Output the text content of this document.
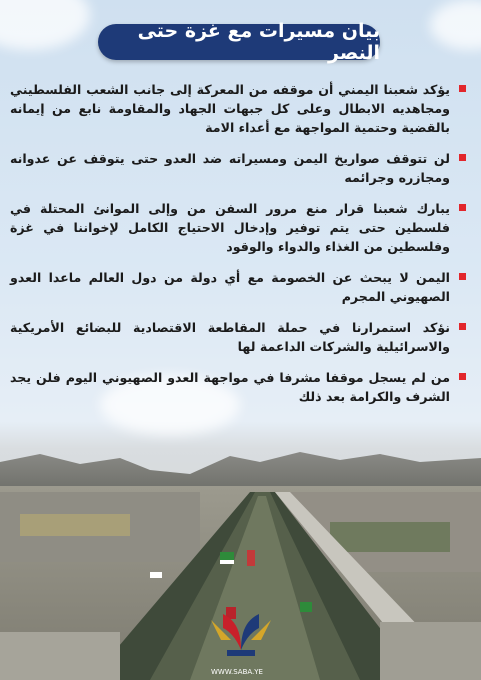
بيان مسيرات مع غزة حتى النصر
يؤكد شعبنا اليمني أن موقفه من المعركة إلى جانب الشعب الفلسطيني ومجاهديه الابطال وعلى كل جبهات الجهاد والمقاومة نابع من إيمانه بالقضية وحتمية المواجهة مع أعداء الامة
لن تتوقف صواريخ اليمن ومسيراته ضد العدو حتى يتوقف عن عدوانه ومجازره وجرائمه
يبارك شعبنا قرار منع مرور السفن من وإلى الموانئ المحتلة في فلسطين حتى يتم توفير وإدخال الاحتياج الكامل لإخواننا في غزة وفلسطين من الغذاء والدواء والوقود
اليمن لا يبحث عن الخصومة مع أي دولة من دول العالم ماعدا العدو الصهيوني المجرم
نؤكد استمرارنا في حملة المقاطعة الاقتصادية للبضائع الأمريكية والاسرائيلية والشركات الداعمة لها
من لم يسجل موقفا مشرفا في مواجهة العدو الصهيوني اليوم فلن يجد الشرف والكرامة بعد ذلك
WWW.SABA.YE
